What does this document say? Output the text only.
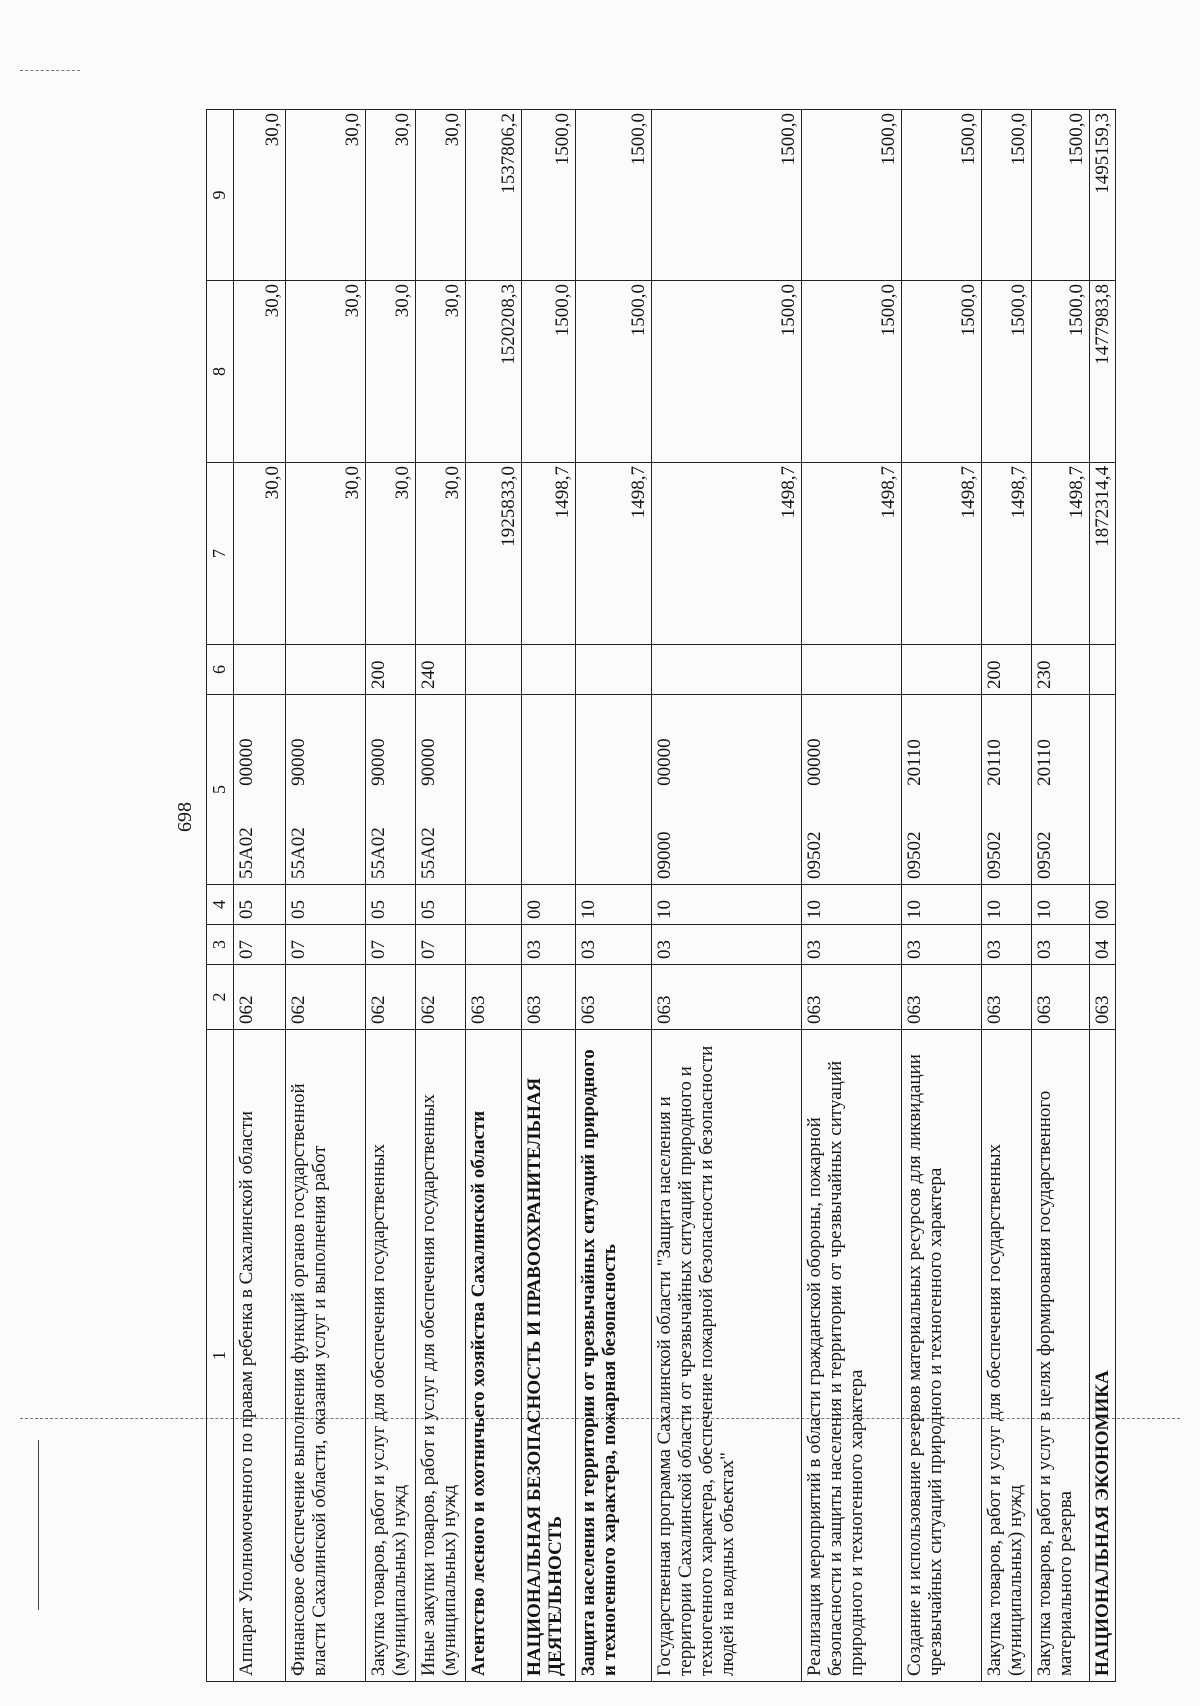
698
1	2	3	4	5	6	7	8	9
Аппарат Уполномоченного по правам ребенка в Сахалинской области	062	07	05	55А0200000		30,0	30,0	30,0
Финансовое обеспечение выполнения функций органов государственной власти Сахалинской области, оказания услуг и выполнения работ	062	07	05	55А0290000		30,0	30,0	30,0
Закупка товаров, работ и услуг для обеспечения государственных (муниципальных) нужд	062	07	05	55А0290000	200	30,0	30,0	30,0
Иные закупки товаров, работ и услуг для обеспечения государственных (муниципальных) нужд	062	07	05	55А0290000	240	30,0	30,0	30,0
Агентство лесного и охотничьего хозяйства Сахалинской области	063					1925833,0	1520208,3	1537806,2
НАЦИОНАЛЬНАЯ БЕЗОПАСНОСТЬ И ПРАВООХРАНИТЕЛЬНАЯ ДЕЯТЕЛЬНОСТЬ	063	03	00			1498,7	1500,0	1500,0
Защита населения и территории от чрезвычайных ситуаций природного и техногенного характера, пожарная безопасность	063	03	10			1498,7	1500,0	1500,0
Государственная программа Сахалинской области "Защита населения и территории Сахалинской области от чрезвычайных ситуаций природного и техногенного характера, обеспечение пожарной безопасности и безопасности людей на водных объектах"	063	03	10	0900000000		1498,7	1500,0	1500,0
Реализация мероприятий в области гражданской обороны, пожарной безопасности и защиты населения и территории от чрезвычайных ситуаций природного и техногенного характера	063	03	10	0950200000		1498,7	1500,0	1500,0
Создание и использование резервов материальных ресурсов для ликвидации чрезвычайных ситуаций природного и техногенного характера	063	03	10	0950220110		1498,7	1500,0	1500,0
Закупка товаров, работ и услуг для обеспечения государственных (муниципальных) нужд	063	03	10	0950220110	200	1498,7	1500,0	1500,0
Закупка товаров, работ и услуг в целях формирования государственного материального резерва	063	03	10	0950220110	230	1498,7	1500,0	1500,0
НАЦИОНАЛЬНАЯ ЭКОНОМИКА	063	04	00			1872314,4	1477983,8	1495159,3
